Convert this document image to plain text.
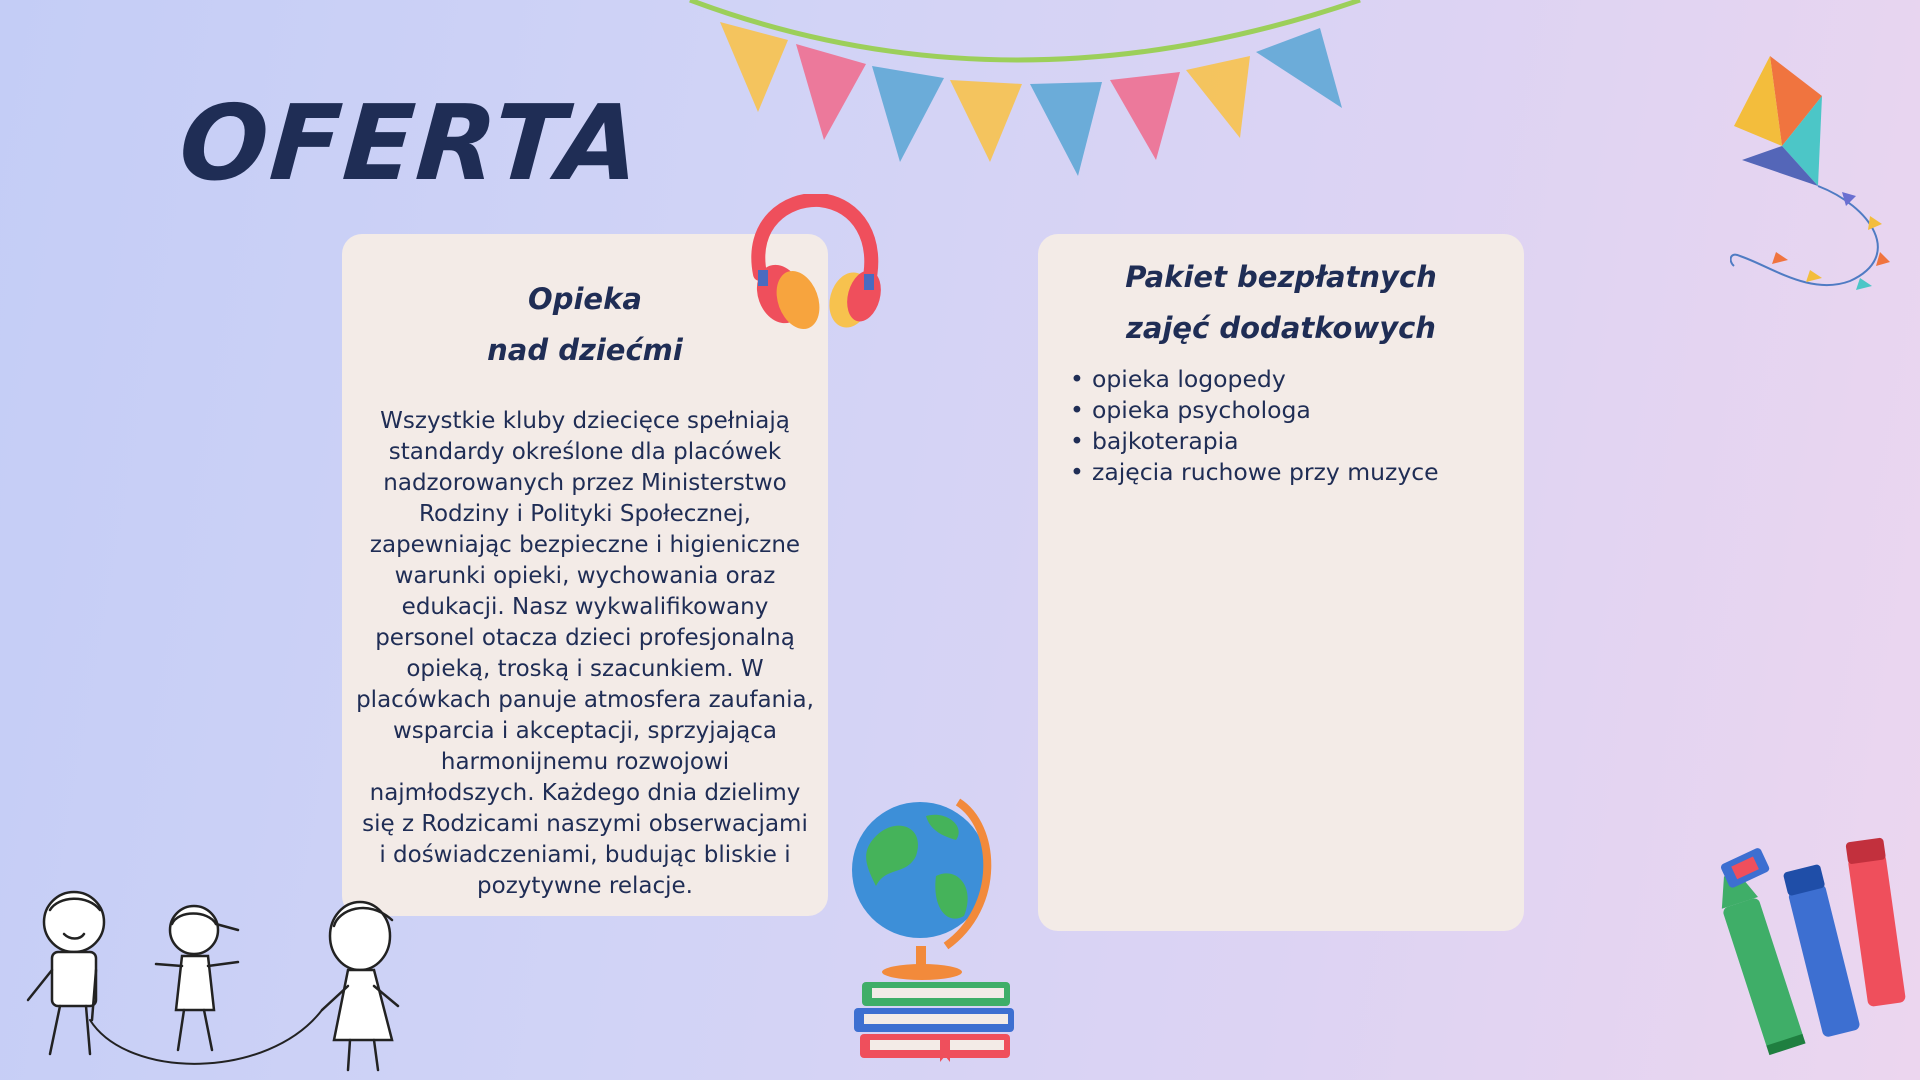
OFERTA
Opieka
nad dziećmi

Wszystkie kluby dziecięce spełniają standardy określone dla placówek nadzorowanych przez Ministerstwo Rodziny i Polityki Społecznej, zapewniając bezpieczne i higieniczne warunki opieki, wychowania oraz edukacji. Nasz wykwalifikowany personel otacza dzieci profesjonalną opieką, troską i szacunkiem. W placówkach panuje atmosfera zaufania, wsparcia i akceptacji, sprzyjająca harmonijnemu rozwojowi najmłodszych. Każdego dnia dzielimy się z Rodzicami naszymi obserwacjami i doświadczeniami, budując bliskie i pozytywne relacje.

Pakiet bezpłatnych
zajęć dodatkowych
• opieka logopedy
• opieka psychologa
• bajkoterapia
• zajęcia ruchowe przy muzyce
